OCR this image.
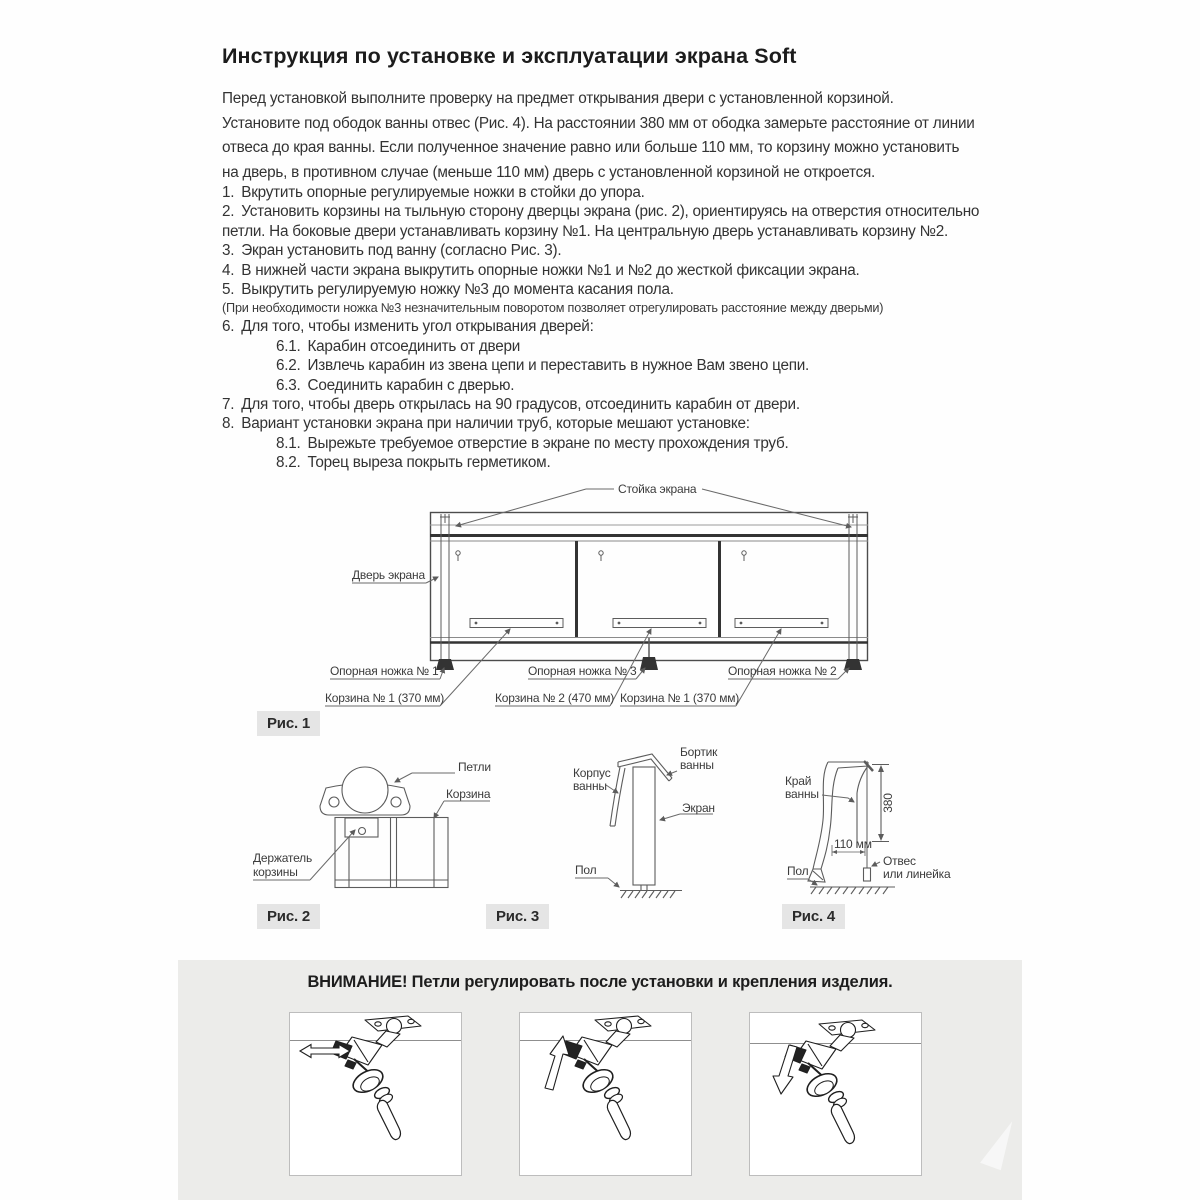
Инструкция по установке и эксплуатации экрана Soft
Перед установкой выполните проверку на предмет открывания двери с установленной корзиной.
Установите под ободок ванны отвес (Рис. 4). На расстоянии 380 мм от ободка замерьте расстояние от линии
отвеса до края ванны. Если полученное значение равно или больше 110 мм, то корзину можно установить
на дверь, в противном случае (меньше 110 мм) дверь с установленной корзиной не откроется.
1. Вкрутить опорные регулируемые ножки в стойки до упора.
2. Установить корзины на тыльную сторону дверцы экрана (рис. 2), ориентируясь на отверстия относительно
петли. На боковые двери устанавливать корзину №1. На центральную дверь устанавливать корзину №2.
3. Экран установить под ванну (согласно Рис. 3).
4. В нижней части экрана выкрутить опорные ножки №1 и №2 до жесткой фиксации экрана.
5. Выкрутить регулируемую ножку №3 до момента касания пола.
(При необходимости ножка №3 незначительным поворотом позволяет отрегулировать расстояние между дверьми)
6. Для того, чтобы изменить угол открывания дверей:
6.1. Карабин отсоединить от двери
6.2. Извлечь карабин из звена цепи и переставить в нужное Вам звено цепи.
6.3. Соединить карабин с дверью.
7. Для того, чтобы дверь открылась на 90 градусов, отсоединить карабин от двери.
8. Вариант установки экрана при наличии труб, которые мешают установке:
8.1. Вырежьте требуемое отверстие в экране по месту прохождения труб.
8.2. Торец выреза покрыть герметиком.
Стойка экрана
Дверь экрана
Опорная ножка № 1	Опорная ножка № 3	Опорная ножка № 2
Корзина № 1 (370 мм)	Корзина № 2 (470 мм) Корзина № 1 (370 мм)
Рис. 1
Петли
Корзина
Держатель
корзины
Рис. 2
Корпус
ванны
Бортик
ванны
Экран
Пол
Рис. 3
Край
ванны	380
110 мм
Пол
Отвес
или линейка
Рис. 4
ВНИМАНИЕ! Петли регулировать после установки и крепления изделия.
